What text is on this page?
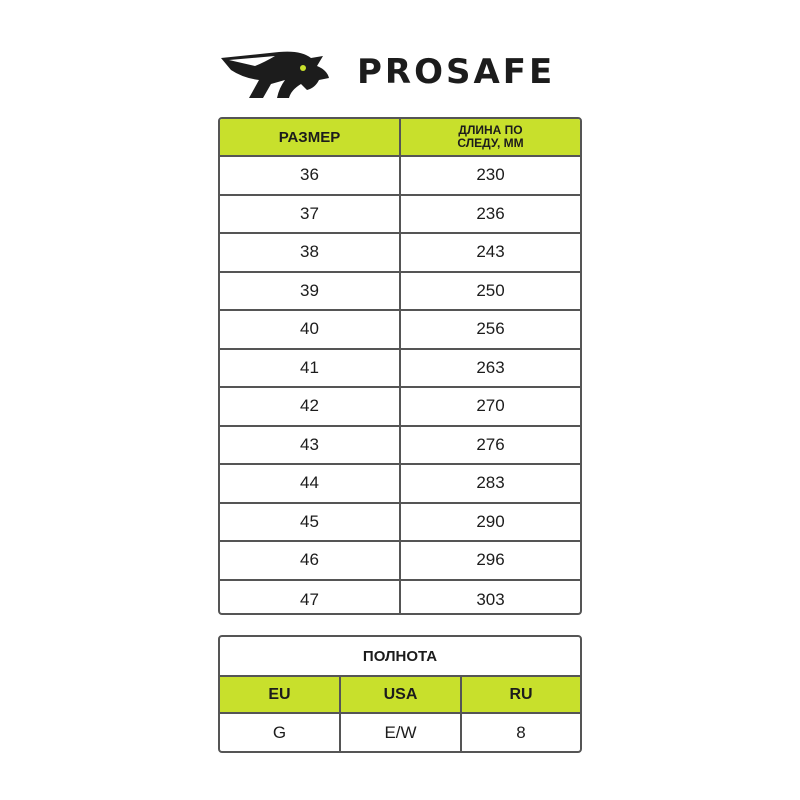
PROSAFE
РАЗМЕР	ДЛИНА ПО СЛЕДУ, ММ
36	230
37	236
38	243
39	250
40	256
41	263
42	270
43	276
44	283
45	290
46	296
47	303
ПОЛНОТА
EU	USA	RU
G	E/W	8
